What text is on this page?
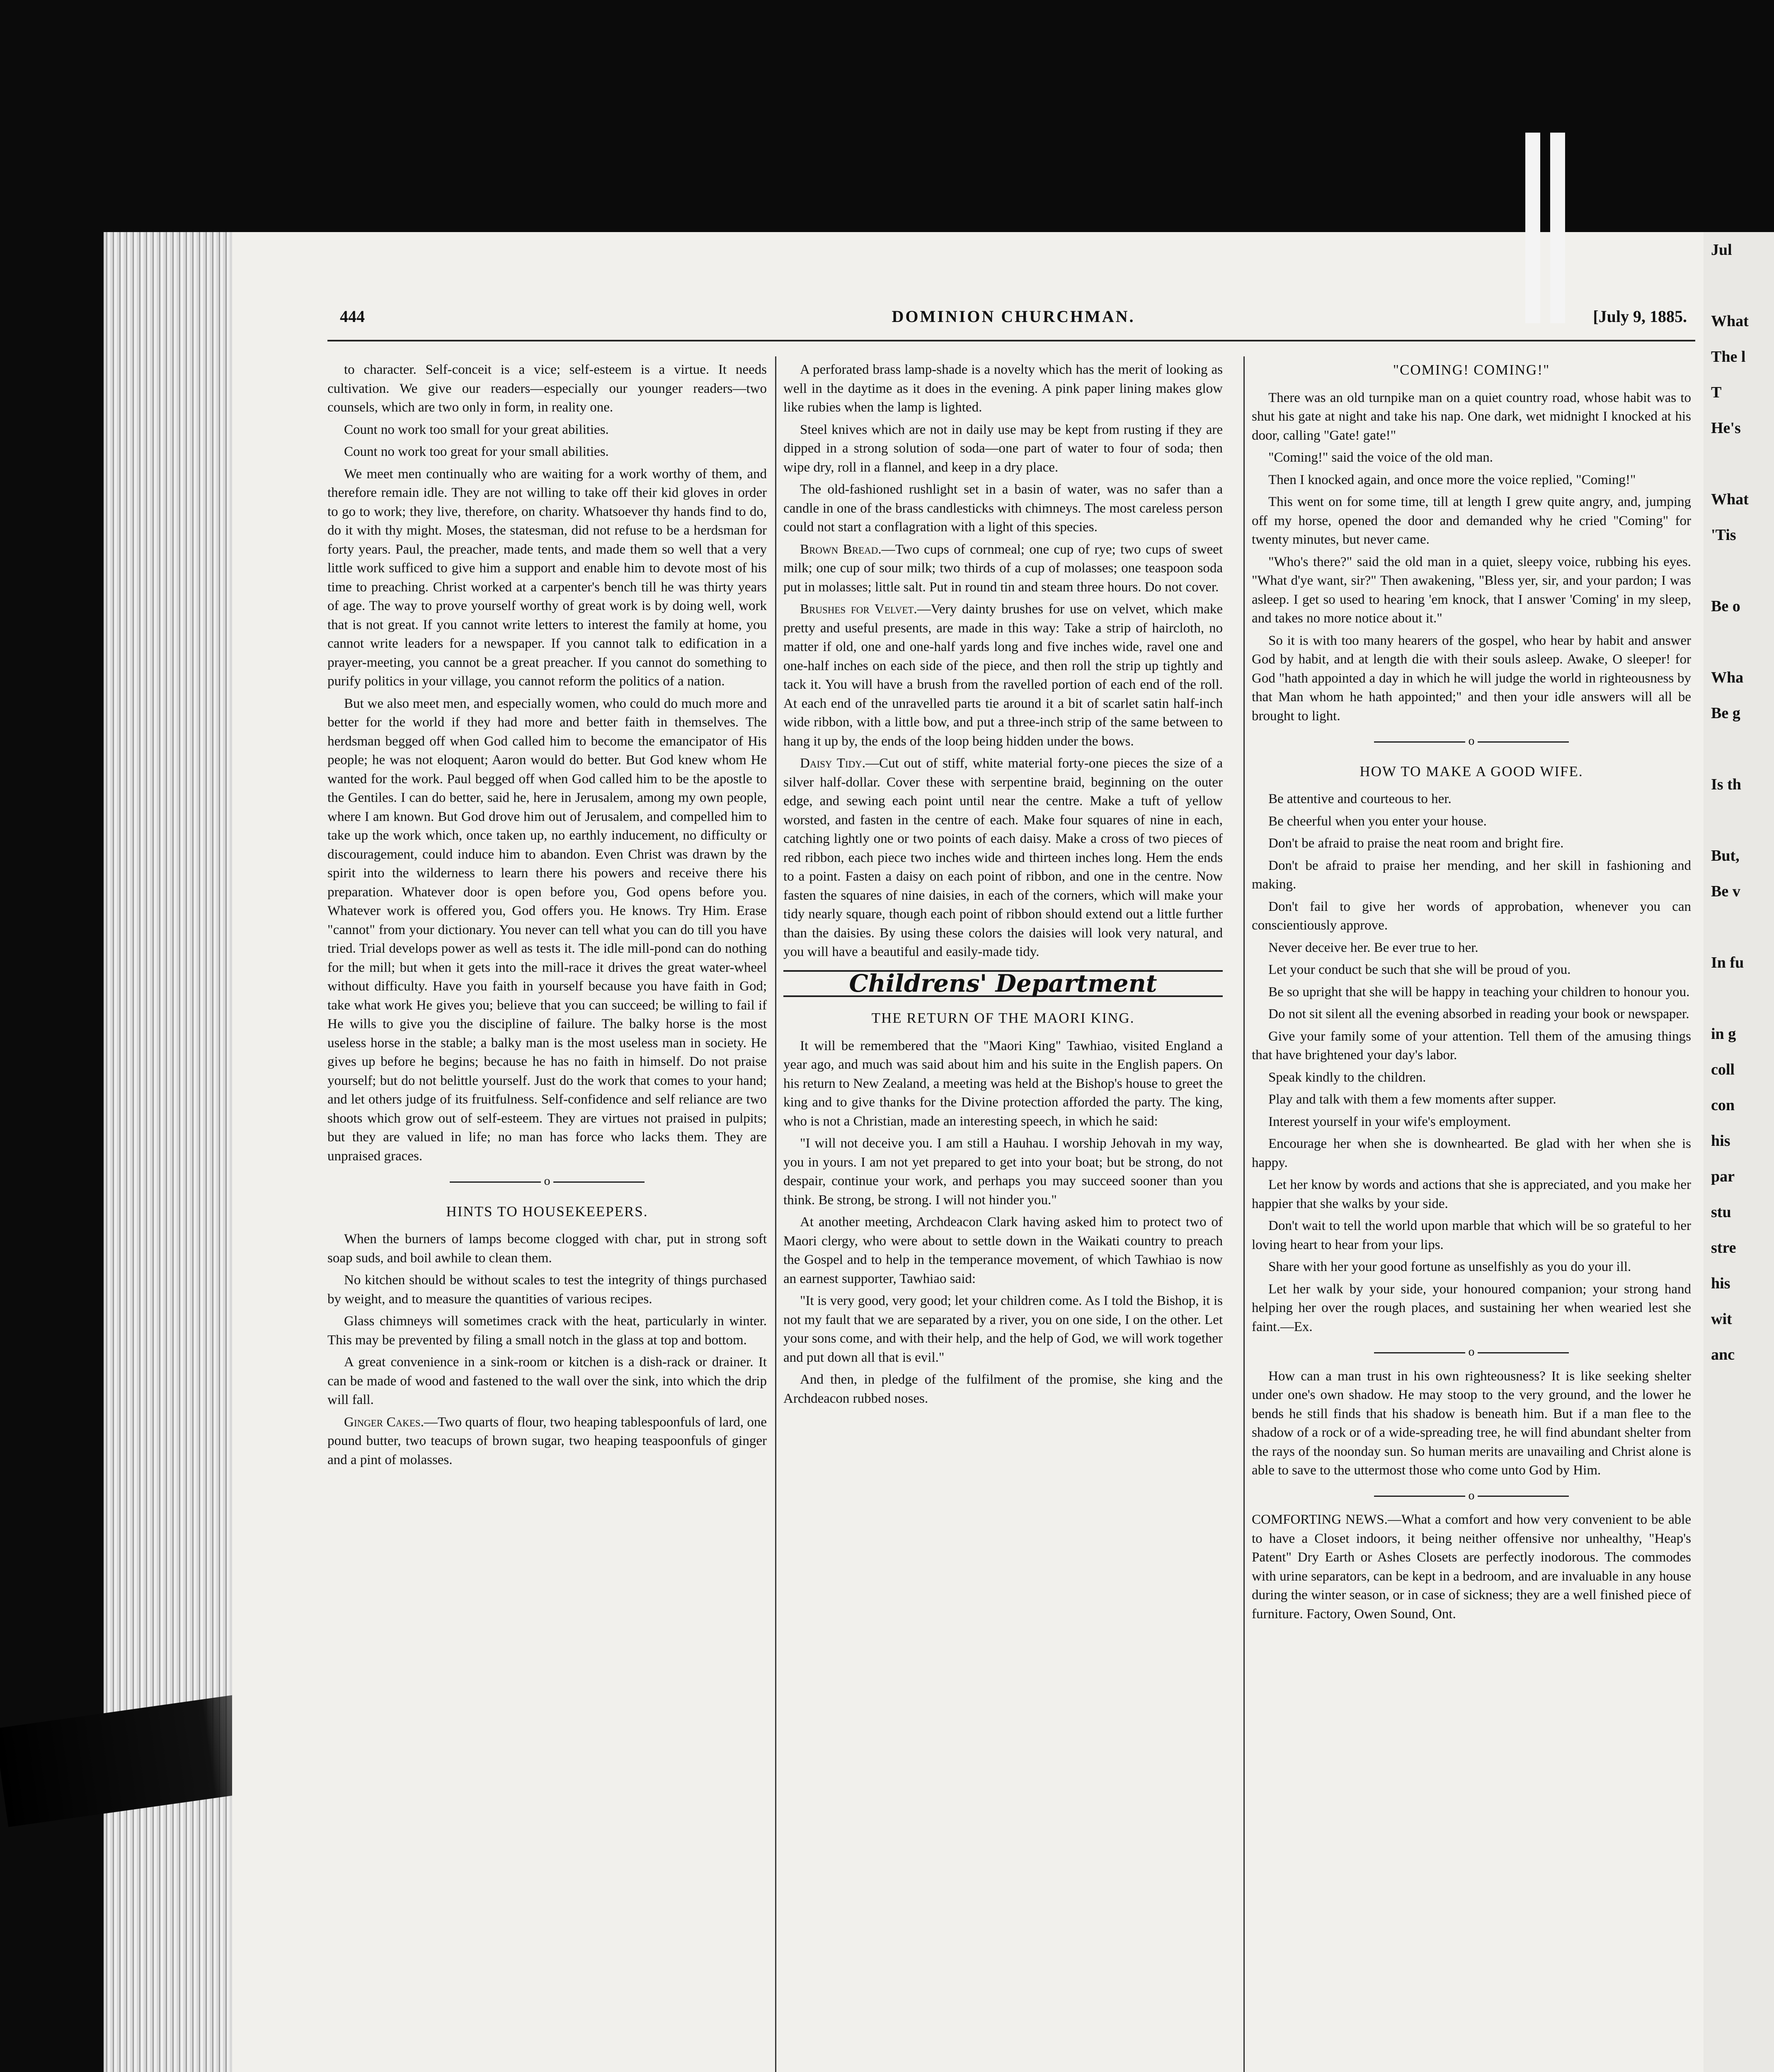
Jul

What
The l
T
He's

What
'Tis

Be o

Wha
Be g

Is th

But,
Be v

In fu

in g
coll
con
his
par
stu
stre
his
wit
anc
444	DOMINION CHURCHMAN.	[July 9, 1885.

to character. Self-conceit is a vice; self-esteem is a virtue. It needs cultivation. We give our readers—especially our younger readers—two counsels, which are two only in form, in reality one.

Count no work too small for your great abilities.

Count no work too great for your small abilities.

We meet men continually who are waiting for a work worthy of them, and therefore remain idle. They are not willing to take off their kid gloves in order to go to work; they live, therefore, on charity. Whatsoever thy hands find to do, do it with thy might. Moses, the statesman, did not refuse to be a herdsman for forty years. Paul, the preacher, made tents, and made them so well that a very little work sufficed to give him a support and enable him to devote most of his time to preaching. Christ worked at a carpenter's bench till he was thirty years of age. The way to prove yourself worthy of great work is by doing well, work that is not great. If you cannot write letters to interest the family at home, you cannot write leaders for a newspaper. If you cannot talk to edification in a prayer-meeting, you cannot be a great preacher. If you cannot do something to purify politics in your village, you cannot reform the politics of a nation.

But we also meet men, and especially women, who could do much more and better for the world if they had more and better faith in themselves. The herdsman begged off when God called him to become the emancipator of His people; he was not eloquent; Aaron would do better. But God knew whom He wanted for the work. Paul begged off when God called him to be the apostle to the Gentiles. I can do better, said he, here in Jerusalem, among my own people, where I am known. But God drove him out of Jerusalem, and compelled him to take up the work which, once taken up, no earthly inducement, no difficulty or discouragement, could induce him to abandon. Even Christ was drawn by the spirit into the wilderness to learn there his powers and receive there his preparation. Whatever door is open before you, God opens before you. Whatever work is offered you, God offers you. He knows. Try Him. Erase "cannot" from your dictionary. You never can tell what you can do till you have tried. Trial develops power as well as tests it. The idle mill-pond can do nothing for the mill; but when it gets into the mill-race it drives the great water-wheel without difficulty. Have you faith in yourself because you have faith in God; take what work He gives you; believe that you can succeed; be willing to fail if He wills to give you the discipline of failure. The balky horse is the most useless horse in the stable; a balky man is the most useless man in society. He gives up before he begins; because he has no faith in himself. Do not praise yourself; but do not belittle yourself. Just do the work that comes to your hand; and let others judge of its fruitfulness. Self-confidence and self reliance are two shoots which grow out of self-esteem. They are virtues not praised in pulpits; but they are valued in life; no man has force who lacks them. They are unpraised graces.

o
HINTS TO HOUSEKEEPERS.

When the burners of lamps become clogged with char, put in strong soft soap suds, and boil awhile to clean them.

No kitchen should be without scales to test the integrity of things purchased by weight, and to measure the quantities of various recipes.

Glass chimneys will sometimes crack with the heat, particularly in winter. This may be prevented by filing a small notch in the glass at top and bottom.

A great convenience in a sink-room or kitchen is a dish-rack or drainer. It can be made of wood and fastened to the wall over the sink, into which the drip will fall.

Ginger Cakes.—Two quarts of flour, two heaping tablespoonfuls of lard, one pound butter, two teacups of brown sugar, two heaping teaspoonfuls of ginger and a pint of molasses.

A perforated brass lamp-shade is a novelty which has the merit of looking as well in the daytime as it does in the evening. A pink paper lining makes glow like rubies when the lamp is lighted.

Steel knives which are not in daily use may be kept from rusting if they are dipped in a strong solution of soda—one part of water to four of soda; then wipe dry, roll in a flannel, and keep in a dry place.

The old-fashioned rushlight set in a basin of water, was no safer than a candle in one of the brass candlesticks with chimneys. The most careless person could not start a conflagration with a light of this species.

Brown Bread.—Two cups of cornmeal; one cup of rye; two cups of sweet milk; one cup of sour milk; two thirds of a cup of molasses; one teaspoon soda put in molasses; little salt. Put in round tin and steam three hours. Do not cover.

Brushes for Velvet.—Very dainty brushes for use on velvet, which make pretty and useful presents, are made in this way: Take a strip of haircloth, no matter if old, one and one-half yards long and five inches wide, ravel one and one-half inches on each side of the piece, and then roll the strip up tightly and tack it. You will have a brush from the ravelled portion of each end of the roll. At each end of the unravelled parts tie around it a bit of scarlet satin half-inch wide ribbon, with a little bow, and put a three-inch strip of the same between to hang it up by, the ends of the loop being hidden under the bows.

Daisy Tidy.—Cut out of stiff, white material forty-one pieces the size of a silver half-dollar. Cover these with serpentine braid, beginning on the outer edge, and sewing each point until near the centre. Make a tuft of yellow worsted, and fasten in the centre of each. Make four squares of nine in each, catching lightly one or two points of each daisy. Make a cross of two pieces of red ribbon, each piece two inches wide and thirteen inches long. Hem the ends to a point. Fasten a daisy on each point of ribbon, and one in the centre. Now fasten the squares of nine daisies, in each of the corners, which will make your tidy nearly square, though each point of ribbon should extend out a little further than the daisies. By using these colors the daisies will look very natural, and you will have a beautiful and easily-made tidy.

Childrens' Department
THE RETURN OF THE MAORI KING.

It will be remembered that the "Maori King" Tawhiao, visited England a year ago, and much was said about him and his suite in the English papers. On his return to New Zealand, a meeting was held at the Bishop's house to greet the king and to give thanks for the Divine protection afforded the party. The king, who is not a Christian, made an interesting speech, in which he said:

"I will not deceive you. I am still a Hauhau. I worship Jehovah in my way, you in yours. I am not yet prepared to get into your boat; but be strong, do not despair, continue your work, and perhaps you may succeed sooner than you think. Be strong, be strong. I will not hinder you."

At another meeting, Archdeacon Clark having asked him to protect two of Maori clergy, who were about to settle down in the Waikati country to preach the Gospel and to help in the temperance movement, of which Tawhiao is now an earnest supporter, Tawhiao said:

"It is very good, very good; let your children come. As I told the Bishop, it is not my fault that we are separated by a river, you on one side, I on the other. Let your sons come, and with their help, and the help of God, we will work together and put down all that is evil."

And then, in pledge of the fulfilment of the promise, she king and the Archdeacon rubbed noses.

"COMING! COMING!"

There was an old turnpike man on a quiet country road, whose habit was to shut his gate at night and take his nap. One dark, wet midnight I knocked at his door, calling "Gate! gate!"

"Coming!" said the voice of the old man.

Then I knocked again, and once more the voice replied, "Coming!"

This went on for some time, till at length I grew quite angry, and, jumping off my horse, opened the door and demanded why he cried "Coming" for twenty minutes, but never came.

"Who's there?" said the old man in a quiet, sleepy voice, rubbing his eyes. "What d'ye want, sir?" Then awakening, "Bless yer, sir, and your pardon; I was asleep. I get so used to hearing 'em knock, that I answer 'Coming' in my sleep, and takes no more notice about it."

So it is with too many hearers of the gospel, who hear by habit and answer God by habit, and at length die with their souls asleep. Awake, O sleeper! for God "hath appointed a day in which he will judge the world in righteousness by that Man whom he hath appointed;" and then your idle answers will all be brought to light.

o
HOW TO MAKE A GOOD WIFE.

Be attentive and courteous to her.

Be cheerful when you enter your house.

Don't be afraid to praise the neat room and bright fire.

Don't be afraid to praise her mending, and her skill in fashioning and making.

Don't fail to give her words of approbation, whenever you can conscientiously approve.

Never deceive her. Be ever true to her.

Let your conduct be such that she will be proud of you.

Be so upright that she will be happy in teaching your children to honour you.

Do not sit silent all the evening absorbed in reading your book or newspaper.

Give your family some of your attention. Tell them of the amusing things that have brightened your day's labor.

Speak kindly to the children.

Play and talk with them a few moments after supper.

Interest yourself in your wife's employment.

Encourage her when she is downhearted. Be glad with her when she is happy.

Let her know by words and actions that she is appreciated, and you make her happier that she walks by your side.

Don't wait to tell the world upon marble that which will be so grateful to her loving heart to hear from your lips.

Share with her your good fortune as unselfishly as you do your ill.

Let her walk by your side, your honoured companion; your strong hand helping her over the rough places, and sustaining her when wearied lest she faint.—Ex.

o

How can a man trust in his own righteousness? It is like seeking shelter under one's own shadow. He may stoop to the very ground, and the lower he bends he still finds that his shadow is beneath him. But if a man flee to the shadow of a rock or of a wide-spreading tree, he will find abundant shelter from the rays of the noonday sun. So human merits are unavailing and Christ alone is able to save to the uttermost those who come unto God by Him.

o

COMFORTING NEWS.—What a comfort and how very convenient to be able to have a Closet indoors, it being neither offensive nor unhealthy, "Heap's Patent" Dry Earth or Ashes Closets are perfectly inodorous. The commodes with urine separators, can be kept in a bedroom, and are invaluable in any house during the winter season, or in case of sickness; they are a well finished piece of furniture. Factory, Owen Sound, Ont.
